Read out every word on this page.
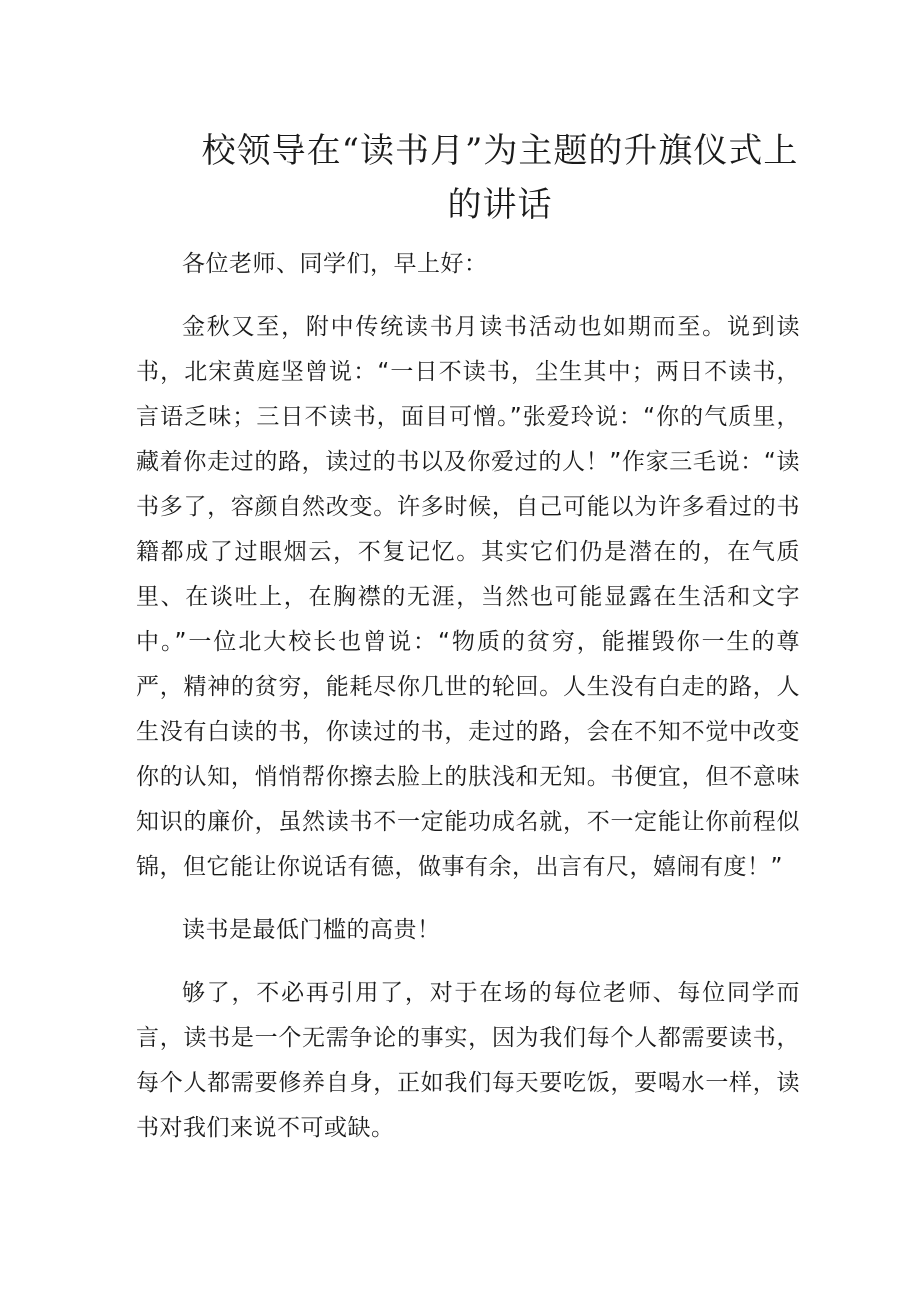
校领导在“读书月”为主题的升旗仪式上
的讲话

各位老师、同学们，早上好：

金秋又至，附中传统读书月读书活动也如期而至。说到读书，北宋黄庭坚曾说：“一日不读书，尘生其中；两日不读书，言语乏味；三日不读书，面目可憎。”张爱玲说：“你的气质里，藏着你走过的路，读过的书以及你爱过的人！”作家三毛说：“读书多了，容颜自然改变。许多时候，自己可能以为许多看过的书籍都成了过眼烟云，不复记忆。其实它们仍是潜在的，在气质里、在谈吐上，在胸襟的无涯，当然也可能显露在生活和文字中。”一位北大校长也曾说：“物质的贫穷，能摧毁你一生的尊严，精神的贫穷，能耗尽你几世的轮回。人生没有白走的路，人生没有白读的书，你读过的书，走过的路，会在不知不觉中改变你的认知，悄悄帮你擦去脸上的肤浅和无知。书便宜，但不意味知识的廉价，虽然读书不一定能功成名就，不一定能让你前程似锦，但它能让你说话有德，做事有余，出言有尺，嬉闹有度！”

读书是最低门槛的高贵！

够了，不必再引用了，对于在场的每位老师、每位同学而言，读书是一个无需争论的事实，因为我们每个人都需要读书，每个人都需要修养自身，正如我们每天要吃饭，要喝水一样，读书对我们来说不可或缺。
